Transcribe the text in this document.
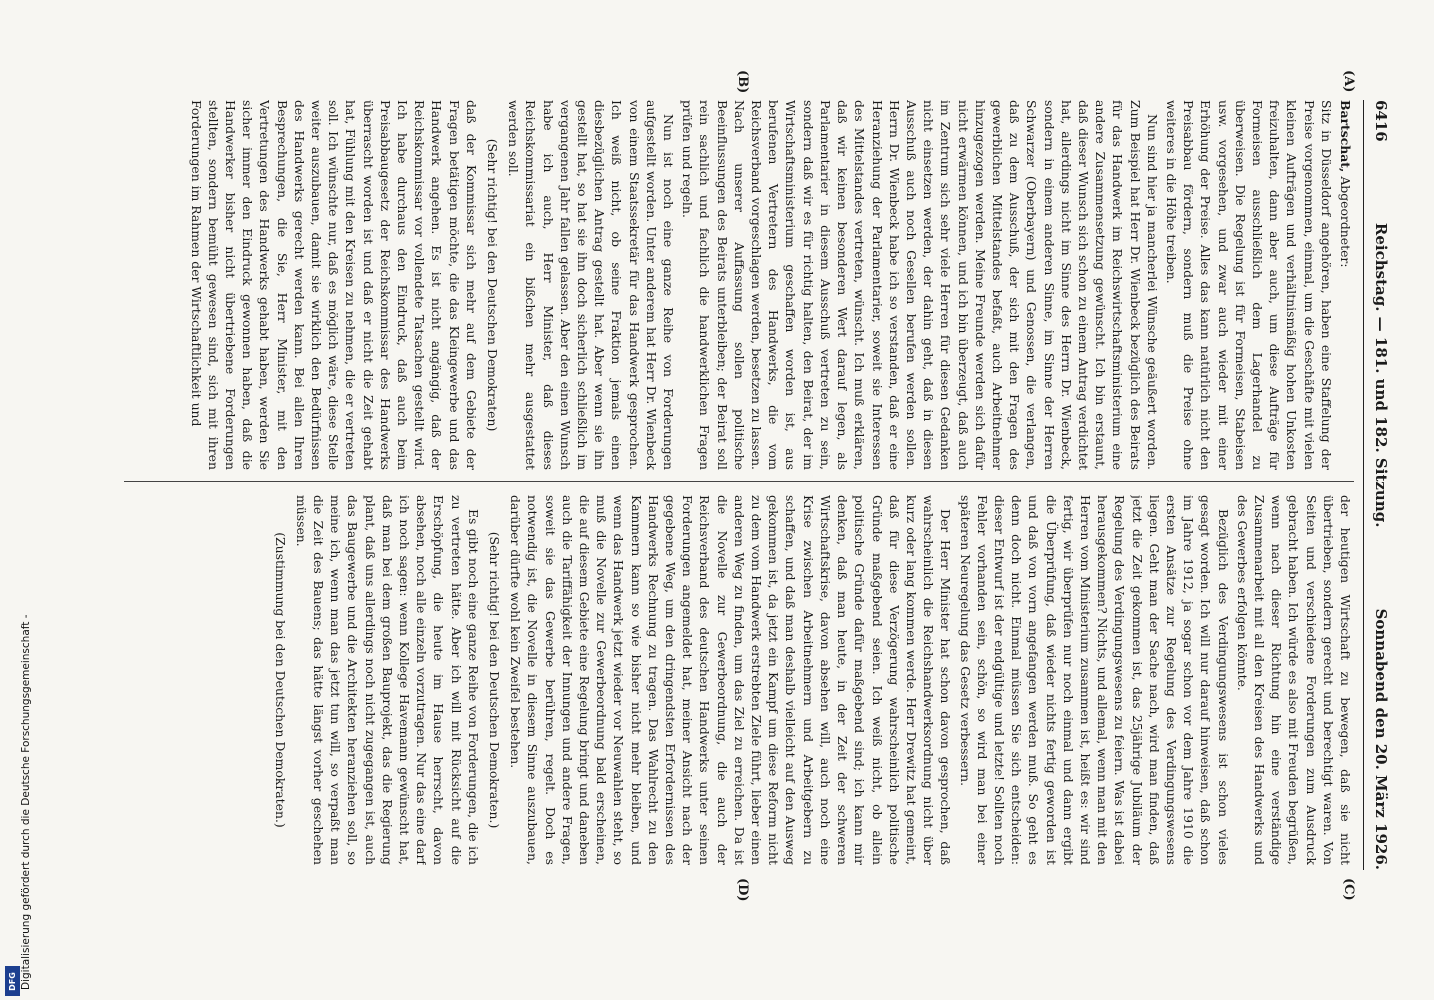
6416
Reichstag. — 181. und 182. Sitzung.
Sonnabend den 20. März 1926.

Bartschat, Abgeordneter:

Sitz in Düsseldorf angehören, haben eine Staffelung der Preise vorgenommen, einmal, um die Geschäfte mit vielen kleinen Aufträgen und verhältnismäßig hohen Unkosten freizuhalten, dann aber auch, um diese Aufträge für Formeisen ausschließlich dem Lagerhandel zu überweisen. Die Regelung ist für Formeisen, Stabeisen usw. vorgesehen, und zwar auch wieder mit einer Erhöhung der Preise. Alles das kann natürlich nicht den Preisabbau fördern, sondern muß die Preise ohne weiteres in die Höhe treiben.

Nun sind hier ja mancherlei Wünsche geäußert worden. Zum Beispiel hat Herr Dr. Wienbeck bezüglich des Beirats für das Handwerk im Reichswirtschaftsministerium eine andere Zusammensetzung gewünscht. Ich bin erstaunt, daß dieser Wunsch sich schon zu einem Antrag verdichtet hat, allerdings nicht im Sinne des Herrn Dr. Wienbeck, sondern in einem anderen Sinne, im Sinne der Herren Schwarzer (Oberbayern) und Genossen, die verlangen, daß zu dem Ausschuß, der sich mit den Fragen des gewerblichen Mittelstandes befaßt, auch Arbeitnehmer hinzugezogen werden. Meine Freunde werden sich dafür nicht erwärmen können, und ich bin überzeugt, daß auch im Zentrum sich sehr viele Herren für diesen Gedanken nicht einsetzen werden, der dahin geht, daß in diesen Ausschuß auch noch Gesellen berufen werden sollen. Herrn Dr. Wienbeck habe ich so verstanden, daß er eine Heranziehung der Parlamentarier, soweit sie Interessen des Mittelstandes vertreten, wünscht. Ich muß erklären, daß wir keinen besonderen Wert darauf legen, als Parlamentarier in diesem Ausschuß vertreten zu sein, sondern daß wir es für richtig halten, den Beirat, der im Wirtschaftsministerium geschaffen worden ist, aus berufenen Vertretern des Handwerks, die vom Reichsverband vorgeschlagen werden, besetzen zu lassen. Nach unserer Auffassung sollen politische Beeinflussungen des Beirats unterbleiben; der Beirat soll rein sachlich und fachlich die handwerklichen Fragen prüfen und regeln.

Nun ist noch eine ganze Reihe von Forderungen aufgestellt worden. Unter anderem hat Herr Dr. Wienbeck von einem Staatssekretär für das Handwerk gesprochen. Ich weiß nicht, ob seine Fraktion jemals einen diesbezüglichen Antrag gestellt hat. Aber wenn sie ihn gestellt hat, so hat sie ihn doch sicherlich schließlich im vergangenen Jahr fallen gelassen. Aber den einen Wunsch habe ich auch, Herr Minister, daß dieses Reichskommissariat ein bißchen mehr ausgestattet werden soll.

(Sehr richtig! bei den Deutschen Demokraten)

daß der Kommissar sich mehr auf dem Gebiete der Fragen betätigen möchte, die das Kleingewerbe und das Handwerk angehen. Es ist nicht angängig, daß der Reichskommissar vor vollendete Tatsachen gestellt wird. Ich habe durchaus den Eindruck, daß auch beim Preisabbaugesetz der Reichskommissar des Handwerks überrascht worden ist und daß er nicht die Zeit gehabt hat, Fühlung mit den Kreisen zu nehmen, die er vertreten soll. Ich wünschte nur, daß es möglich wäre, diese Stelle weiter auszubauen, damit sie wirklich den Bedürfnissen des Handwerks gerecht werden kann. Bei allen Ihren Besprechungen, die Sie, Herr Minister, mit den Vertretungen des Handwerks gehabt haben, werden Sie sicher immer den Eindruck gewonnen haben, daß die Handwerker bisher nicht übertriebene Forderungen stellten, sondern bemüht gewesen sind, sich mit ihren Forderungen im Rahmen der Wirtschaftlichkeit und

der heutigen Wirtschaft zu bewegen, daß sie nicht übertrieben, sondern gerecht und berechtigt waren. Von Seiten und verschiedene Forderungen zum Ausdruck gebracht haben. Ich würde es also mit Freuden begrüßen, wenn nach dieser Richtung hin eine verständige Zusammenarbeit mit all den Kreisen des Handwerks und des Gewerbes erfolgen könnte.

Bezüglich des Verdingungswesens ist schon vieles gesagt worden. Ich will nur darauf hinweisen, daß schon im Jahre 1912, ja sogar schon vor dem Jahre 1910 die ersten Ansätze zur Regelung des Verdingungswesens liegen. Geht man der Sache nach, wird man finden, daß jetzt die Zeit gekommen ist, das 25jährige Jubiläum der Regelung des Verdingungswesens zu feiern. Was ist dabei herausgekommen? Nichts, und allemal, wenn man mit den Herren vom Ministerium zusammen ist, heißt es: wir sind fertig, wir überprüfen nur noch einmal und dann ergibt die Überprüfung, daß wieder nichts fertig geworden ist und daß von vorn angefangen werden muß. So geht es denn doch nicht. Einmal müssen Sie sich entscheiden: dieser Entwurf ist der endgültige und letzte! Sollten noch Fehler vorhanden sein, schön, so wird man bei einer späteren Neuregelung das Gesetz verbessern.

Der Herr Minister hat schon davon gesprochen, daß wahrscheinlich die Reichshandwerksordnung nicht über kurz oder lang kommen werde. Herr Drewitz hat gemeint, daß für diese Verzögerung wahrscheinlich politische Gründe maßgebend seien. Ich weiß nicht, ob allein politische Gründe dafür maßgebend sind; ich kann mir denken, daß man heute, in der Zeit der schweren Wirtschaftskrise, davon absehen will, auch noch eine Krise zwischen Arbeitnehmern und Arbeitgebern zu schaffen, und daß man deshalb vielleicht auf den Ausweg gekommen ist, da jetzt ein Kampf um diese Reform nicht zu dem vom Handwerk erstrebten Ziele führt, lieber einen anderen Weg zu finden, um das Ziel zu erreichen. Da ist die Novelle zur Gewerbeordnung, die auch der Reichsverband des deutschen Handwerks unter seinen Forderungen angemeldet hat, meiner Ansicht nach der gegebene Weg, um den dringendsten Erfordernissen des Handwerks Rechnung zu tragen. Das Wahlrecht zu den Kammern kann so wie bisher nicht mehr bleiben, und wenn das Handwerk jetzt wieder vor Neuwahlen steht, so muß die Novelle zur Gewerbeordnung bald erscheinen, die auf diesem Gebiete eine Regelung bringt und daneben auch die Tariffähigkeit der Innungen und andere Fragen, soweit sie das Gewerbe berühren, regelt. Doch es notwendig ist, die Novelle in diesem Sinne auszubauen, darüber dürfte wohl kein Zweifel bestehen.

(Sehr richtig! bei den Deutschen Demokraten.)

Es gibt noch eine ganze Reihe von Forderungen, die ich zu vertreten hätte. Aber ich will mit Rücksicht auf die Erschöpfung, die heute im Hause herrscht, davon absehen, noch alle einzeln vorzutragen. Nur das eine darf ich noch sagen: wenn Kollege Havemann gewünscht hat, daß man bei dem großen Bauprojekt, das die Regierung plant, daß uns allerdings noch nicht zugegangen ist, auch das Baugewerbe und die Architekten heranziehen soll, so meine ich, wenn man das jetzt tun will, so verpaßt man die Zeit des Bauens; das hätte längst vorher geschehen müssen.

(Zustimmung bei den Deutschen Demokraten.)

(A)
(B)
(C)
(D)
Digitalisierung gefördert durch die Deutsche Forschungsgemeinschaft -
DFG
